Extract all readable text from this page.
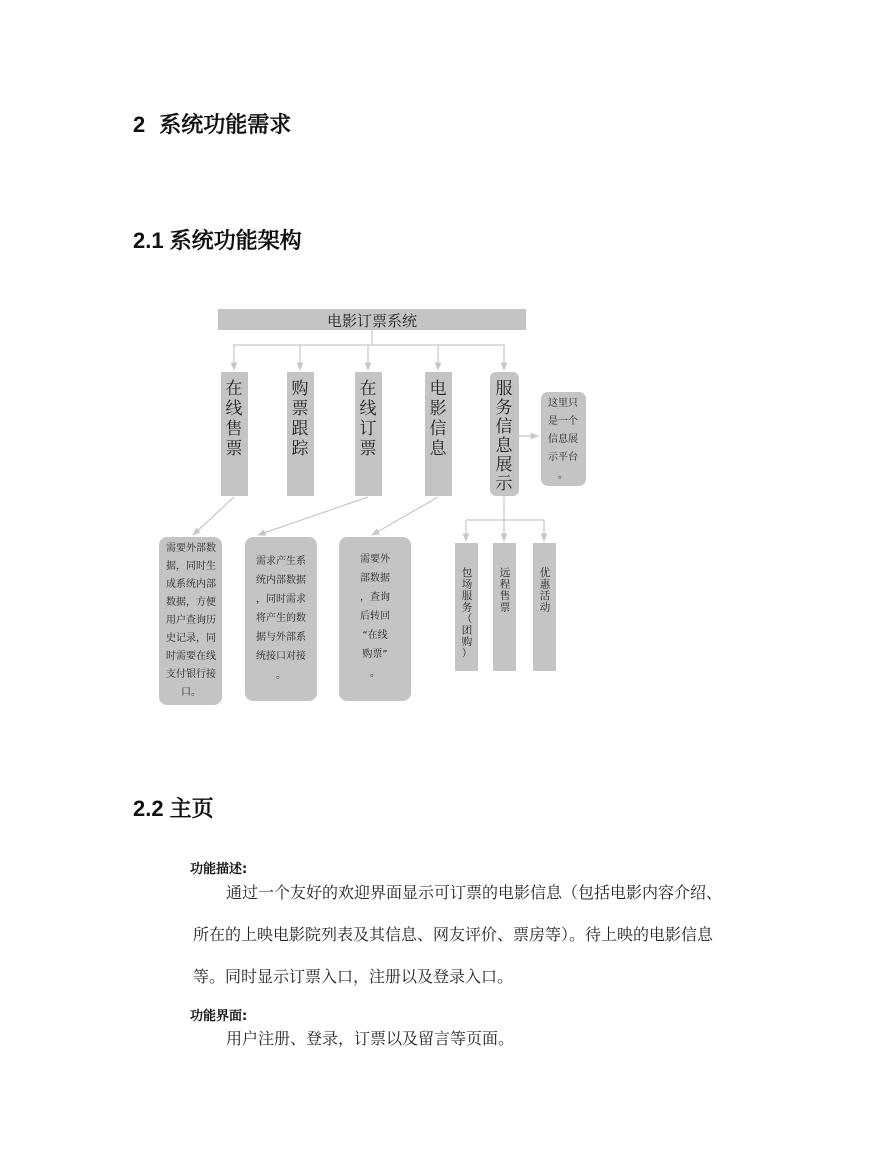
2 系统功能需求
2.1 系统功能架构
电影订票系统
在
线
售
票
购
票
跟
踪
在
线
订
票
电
影
信
息
服
务
信
息
展
示
这里只
是一个
信息展
示平台
。
需要外部数
据，同时生
成系统内部
数据，方便
用户查询历
史记录，同
时需要在线
支付银行接
口。
需求产生系
统内部数据
，同时需求
将产生的数
据与外部系
统接口对接
。
需要外
部数据
，查询
后转回
“在线
购票”
。
包
场
服
务
（
团
购
）
远
程
售
票
优
惠
活
动
功能描述:
通过一个友好的欢迎界面显示可订票的电影信息（包括电影内容介绍、
所在的上映电影院列表及其信息、网友评价、票房等）。待上映的电影信息
等。同时显示订票入口，注册以及登录入口。
功能界面:
用户注册、登录，订票以及留言等页面。
2.2 主页
